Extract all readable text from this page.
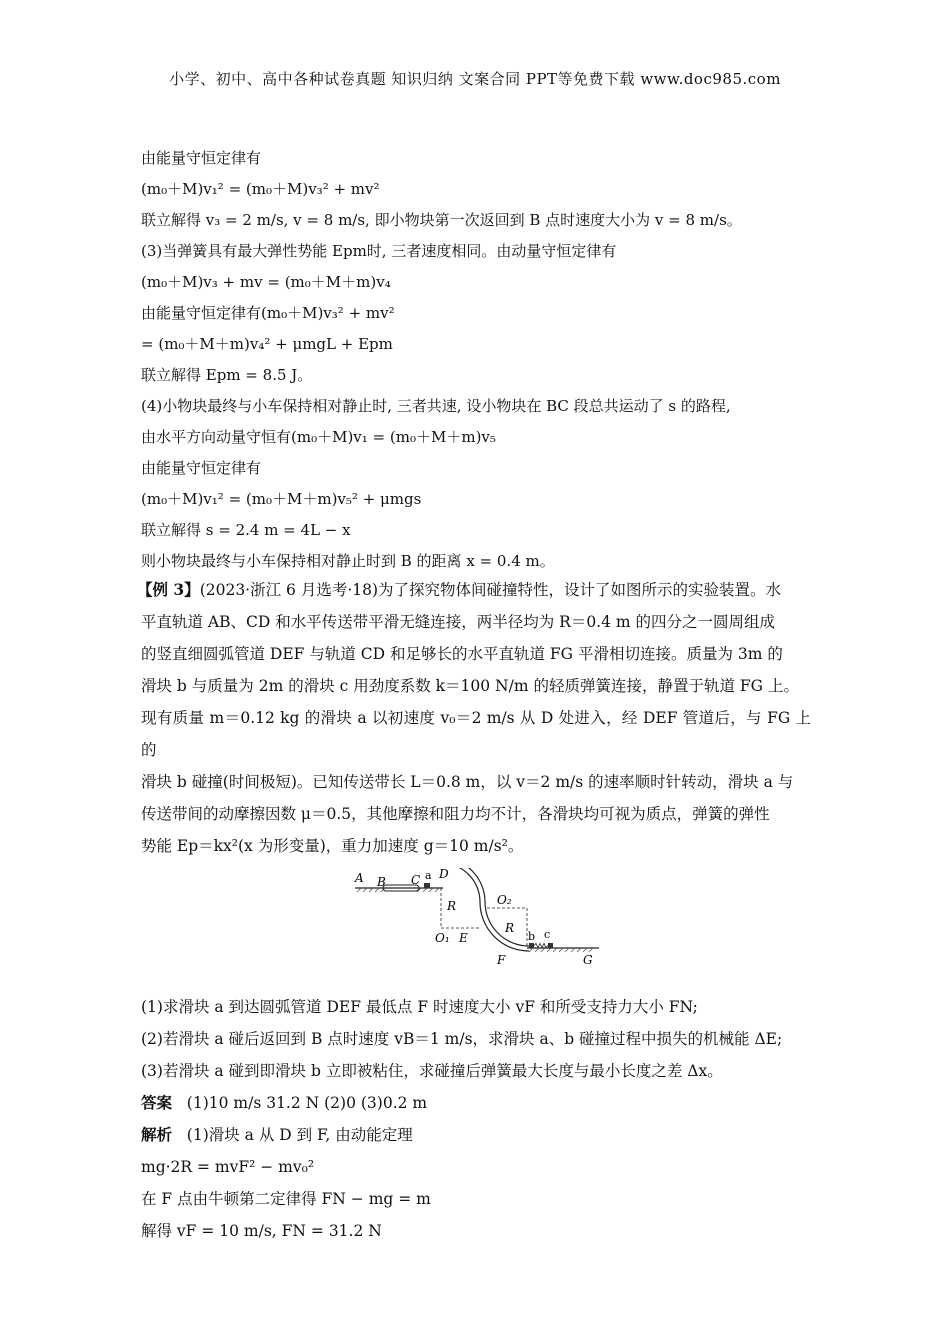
小学、初中、高中各种试卷真题 知识归纳 文案合同 PPT等免费下载 www.doc985.com

由能量守恒定律有

(m₀＋M)v₁² = (m₀＋M)v₃² + mv²

联立解得 v₃ = 2 m/s, v = 8 m/s, 即小物块第一次返回到 B 点时速度大小为 v = 8 m/s。

(3)当弹簧具有最大弹性势能 Epm时, 三者速度相同。由动量守恒定律有

(m₀＋M)v₃ + mv = (m₀＋M＋m)v₄

由能量守恒定律有(m₀＋M)v₃² + mv²

= (m₀＋M＋m)v₄² + μmgL + Epm

联立解得 Epm = 8.5 J。

(4)小物块最终与小车保持相对静止时, 三者共速, 设小物块在 BC 段总共运动了 s 的路程,

由水平方向动量守恒有(m₀＋M)v₁ = (m₀＋M＋m)v₅

由能量守恒定律有

(m₀＋M)v₁² = (m₀＋M＋m)v₅² + μmgs

联立解得 s = 2.4 m = 4L − x

则小物块最终与小车保持相对静止时到 B 的距离 x = 0.4 m。

【例 3】(2023·浙江 6 月选考·18)为了探究物体间碰撞特性，设计了如图所示的实验装置。水

平直轨道 AB、CD 和水平传送带平滑无缝连接，两半径均为 R＝0.4 m 的四分之一圆周组成

的竖直细圆弧管道 DEF 与轨道 CD 和足够长的水平直轨道 FG 平滑相切连接。质量为 3m 的

滑块 b 与质量为 2m 的滑块 c 用劲度系数 k＝100 N/m 的轻质弹簧连接，静置于轨道 FG 上。

现有质量 m＝0.12 kg 的滑块 a 以初速度 v₀＝2 m/s 从 D 处进入，经 DEF 管道后，与 FG 上的

滑块 b 碰撞(时间极短)。已知传送带长 L＝0.8 m，以 v＝2 m/s 的速率顺时针转动，滑块 a 与

传送带间的动摩擦因数 μ＝0.5，其他摩擦和阻力均不计，各滑块均可视为质点，弹簧的弹性

势能 Ep＝kx²(x 为形变量)，重力加速度 g＝10 m/s²。

A B C a D
R
O₁ E
O₂
R
b c
F	G

(1)求滑块 a 到达圆弧管道 DEF 最低点 F 时速度大小 vF 和所受支持力大小 FN;

(2)若滑块 a 碰后返回到 B 点时速度 vB＝1 m/s，求滑块 a、b 碰撞过程中损失的机械能 ΔE;

(3)若滑块 a 碰到即滑块 b 立即被粘住，求碰撞后弹簧最大长度与最小长度之差 Δx。

答案 (1)10 m/s 31.2 N (2)0 (3)0.2 m

解析 (1)滑块 a 从 D 到 F, 由动能定理

mg·2R = mvF² − mv₀²

在 F 点由牛顿第二定律得 FN − mg = m

解得 vF = 10 m/s, FN = 31.2 N
